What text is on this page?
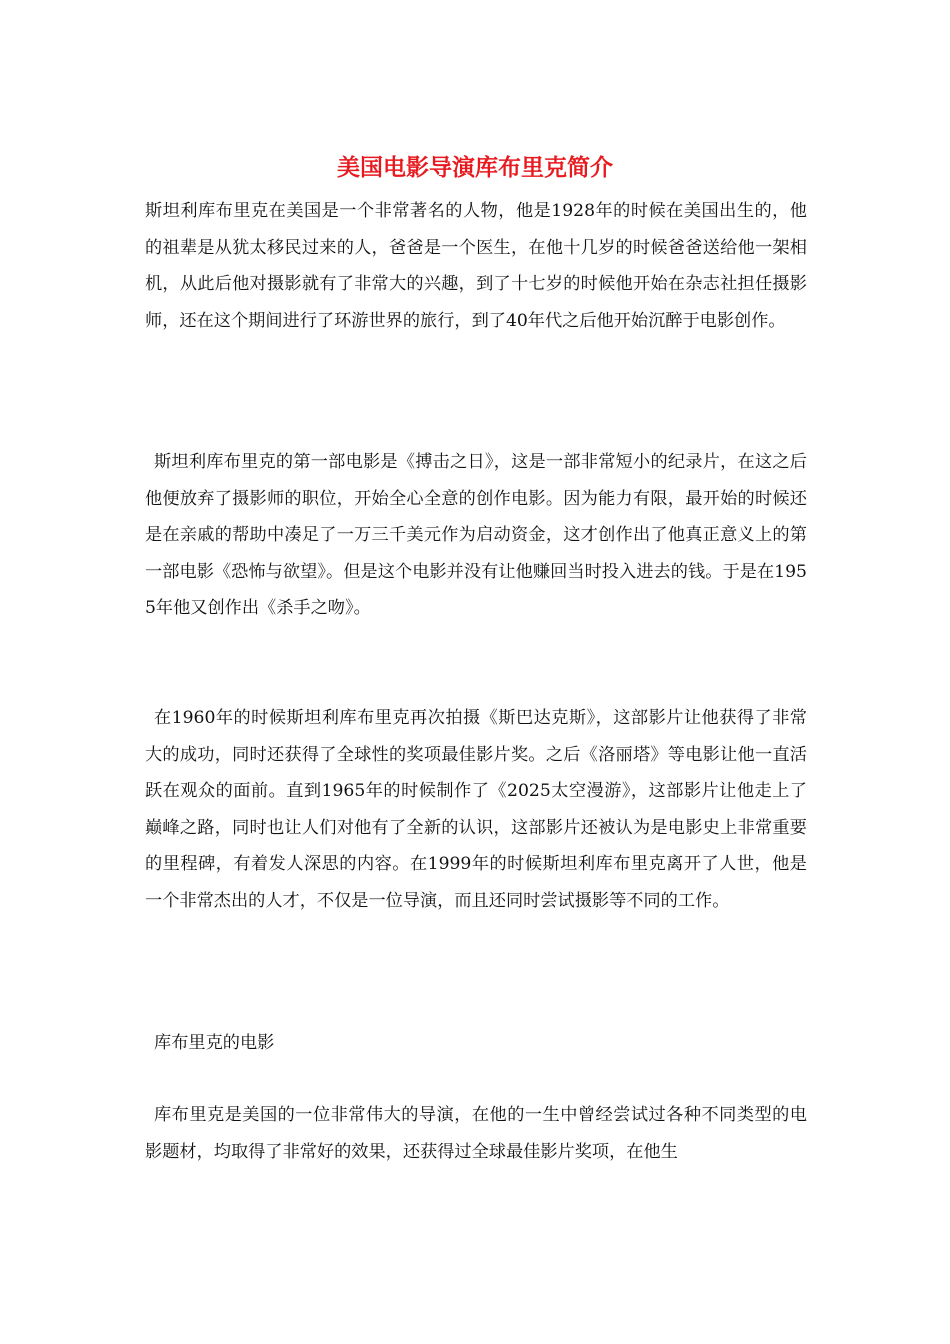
美国电影导演库布里克简介

斯坦利库布里克在美国是一个非常著名的人物，他是1928年的时候在美国出生的，他的祖辈是从犹太移民过来的人，爸爸是一个医生，在他十几岁的时候爸爸送给他一架相机，从此后他对摄影就有了非常大的兴趣，到了十七岁的时候他开始在杂志社担任摄影师，还在这个期间进行了环游世界的旅行，到了40年代之后他开始沉醉于电影创作。

斯坦利库布里克的第一部电影是《搏击之日》，这是一部非常短小的纪录片，在这之后他便放弃了摄影师的职位，开始全心全意的创作电影。因为能力有限，最开始的时候还是在亲戚的帮助中凑足了一万三千美元作为启动资金，这才创作出了他真正意义上的第一部电影《恐怖与欲望》。但是这个电影并没有让他赚回当时投入进去的钱。于是在1955年他又创作出《杀手之吻》。

在1960年的时候斯坦利库布里克再次拍摄《斯巴达克斯》，这部影片让他获得了非常大的成功，同时还获得了全球性的奖项最佳影片奖。之后《洛丽塔》等电影让他一直活跃在观众的面前。直到1965年的时候制作了《2025太空漫游》，这部影片让他走上了巅峰之路，同时也让人们对他有了全新的认识，这部影片还被认为是电影史上非常重要的里程碑，有着发人深思的内容。在1999年的时候斯坦利库布里克离开了人世，他是一个非常杰出的人才，不仅是一位导演，而且还同时尝试摄影等不同的工作。

库布里克的电影

库布里克是美国的一位非常伟大的导演，在他的一生中曾经尝试过各种不同类型的电影题材，均取得了非常好的效果，还获得过全球最佳影片奖项，在他生
